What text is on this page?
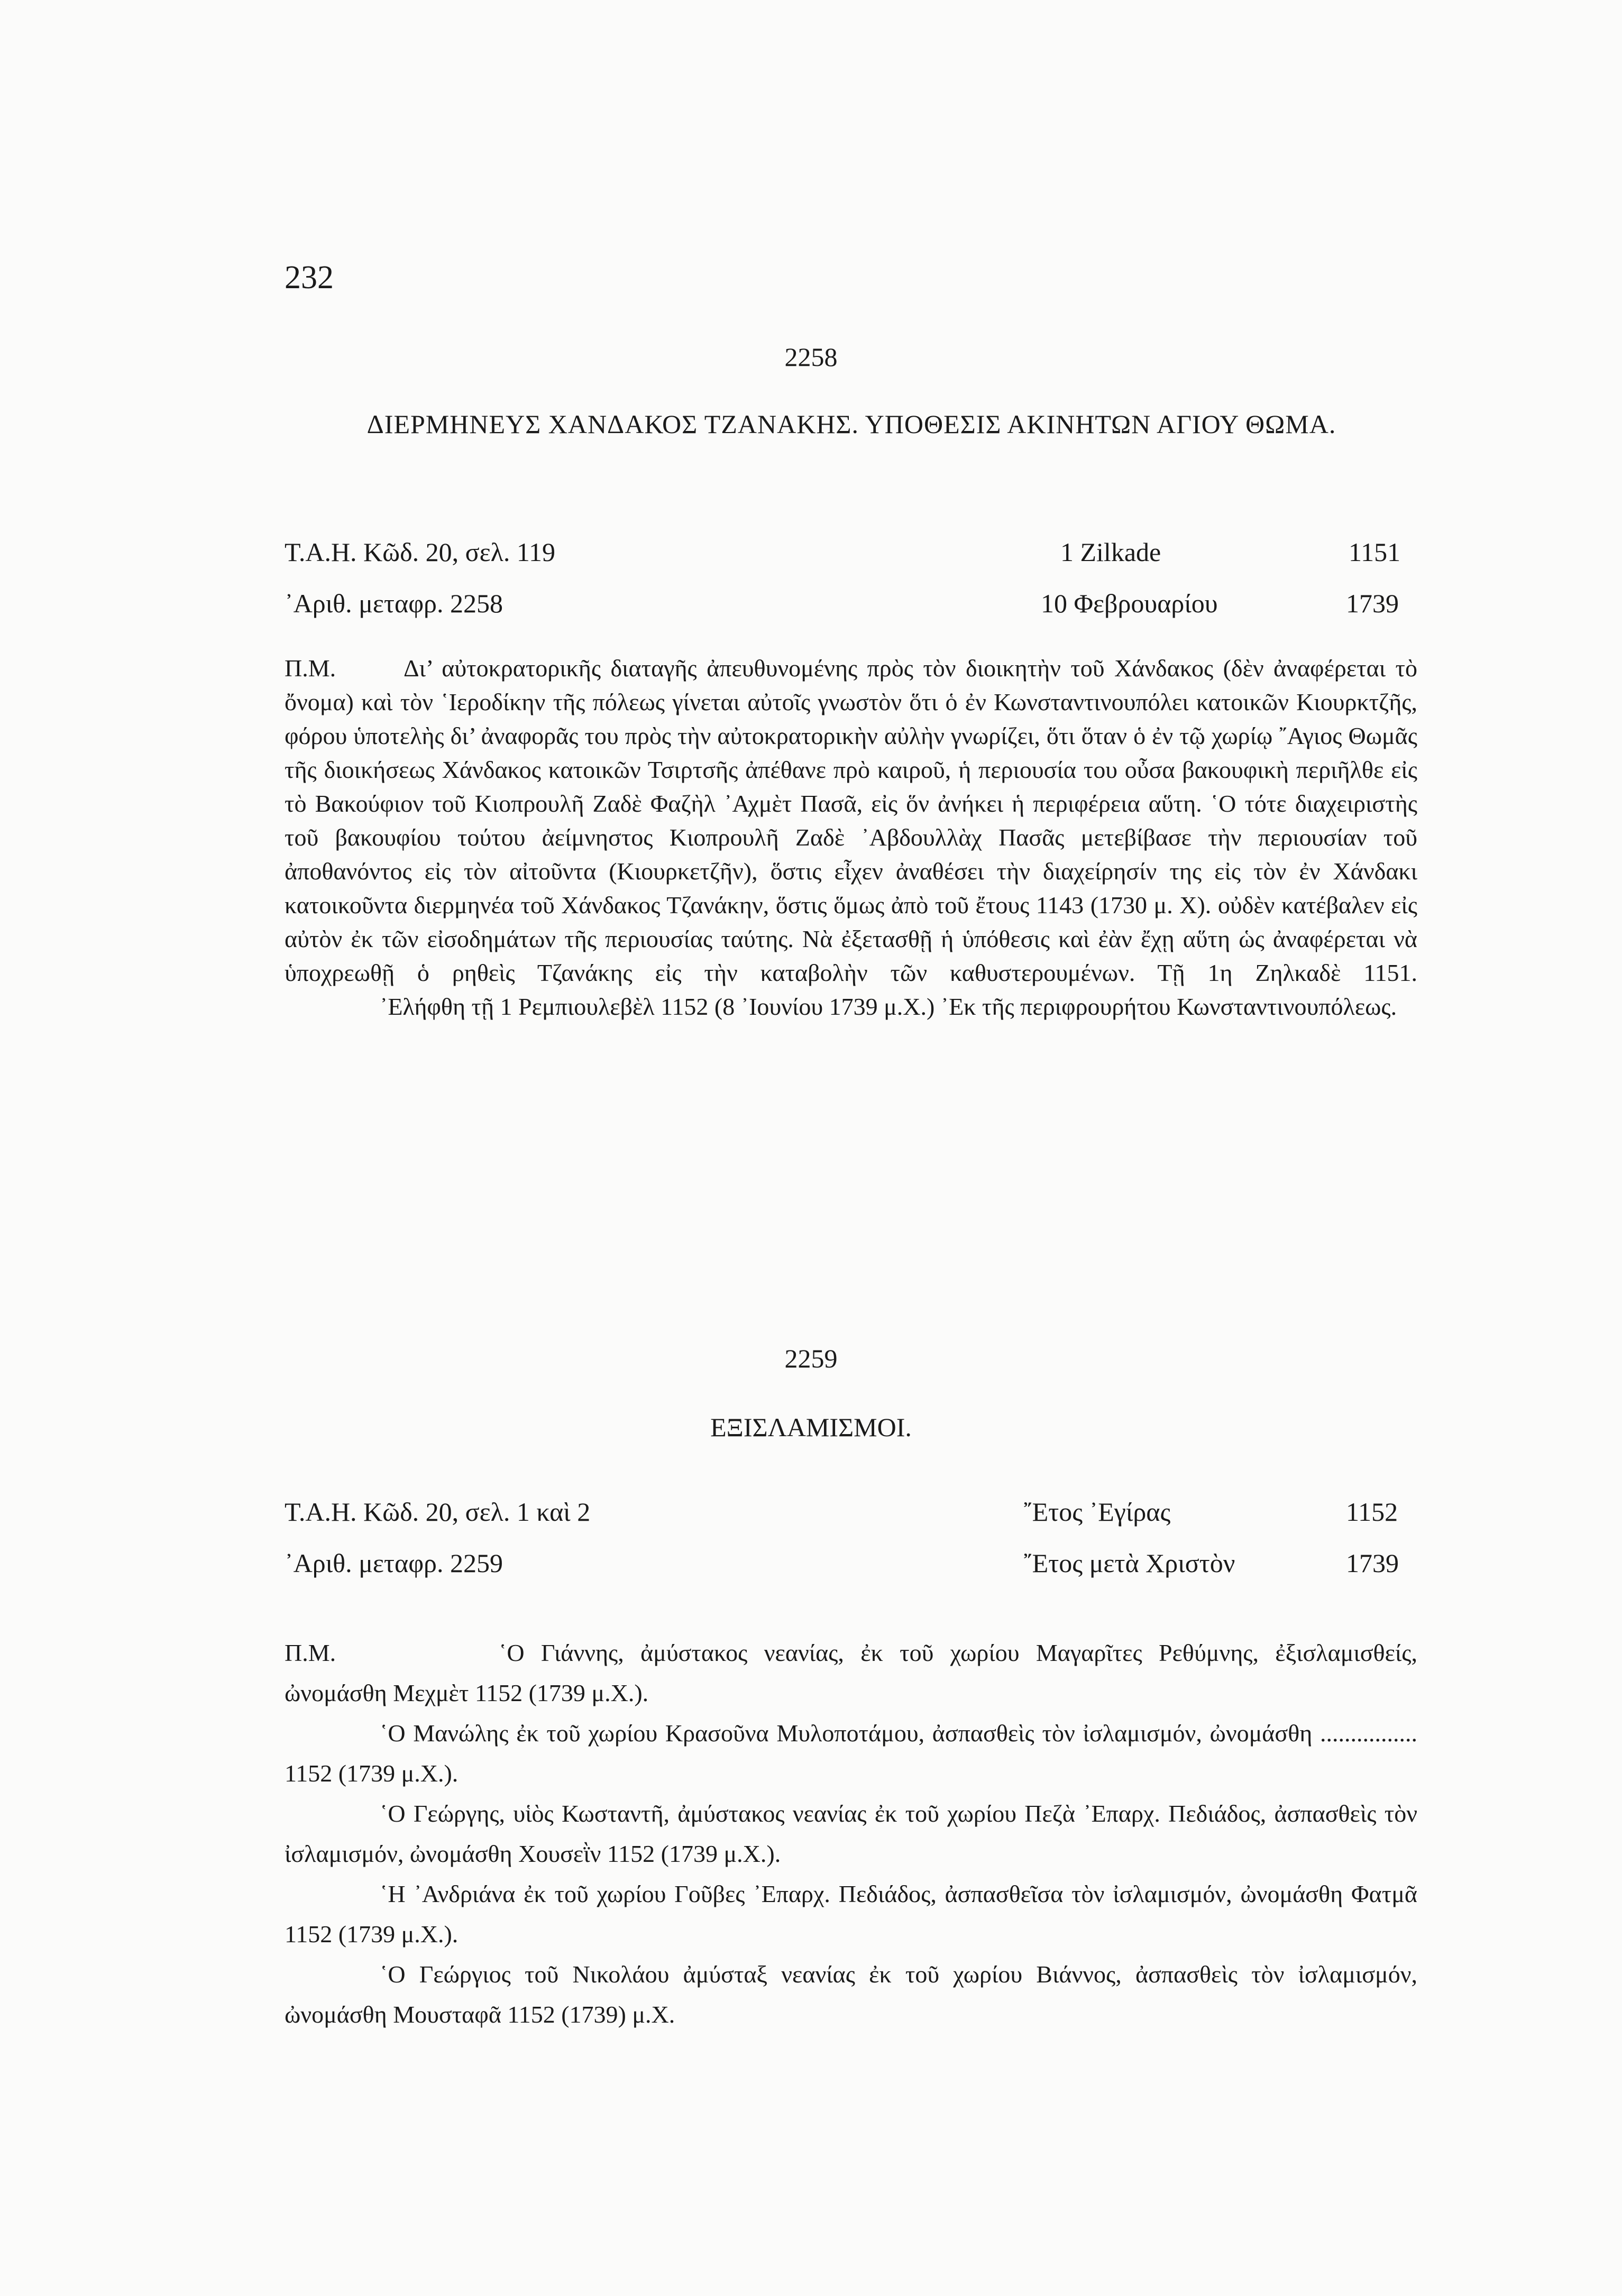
232
2258
ΔΙΕΡΜΗΝΕΥΣ ΧΑΝΔΑΚΟΣ ΤΖΑΝΑΚΗΣ. ΥΠΟΘΕΣΙΣ ΑΚΙΝΗΤΩΝ ΑΓΙΟΥ ΘΩΜΑ.
Τ.Α.Η. Κῶδ. 20, σελ. 119
᾿Αριθ. μεταφρ. 2258
1 Zilkade
10 Φεβρουαρίου
1151
1739

Π.Μ.	Δι’ αὐτοκρατορικῆς διαταγῆς ἀπευθυνομένης πρὸς τὸν διοικητὴν τοῦ Χάνδακος (δὲν ἀναφέρεται τὸ ὄνομα) καὶ τὸν ῾Ιεροδίκην τῆς πόλεως γίνεται αὐτοῖς γνωστὸν ὅτι ὁ ἐν Κωνσταντινουπόλει κατοικῶν Κιουρκτζῆς, φόρου ὑποτελὴς δι’ ἀναφορᾶς του πρὸς τὴν αὐτοκρατορικὴν αὐλὴν γνωρίζει, ὅτι ὅταν ὁ ἐν τῷ χωρίῳ ῎Αγιος Θωμᾶς τῆς διοικήσεως Χάνδακος κατοικῶν Τσιρτσῆς ἀπέθανε πρὸ καιροῦ, ἡ περιουσία του οὖσα βακουφικὴ περιῆλθε εἰς τὸ Βακούφιον τοῦ Κιοπρουλῆ Ζαδὲ Φαζὴλ ᾿Αχμὲτ Πασᾶ, εἰς ὅν ἀνήκει ἡ περιφέρεια αὕτη. ῾Ο τότε διαχειριστὴς τοῦ βακουφίου τούτου ἀείμνηστος Κιοπρουλῆ Ζαδὲ ᾿Αβδουλλὰχ Πασᾶς μετεβίβασε τὴν περιουσίαν τοῦ ἀποθανόντος εἰς τὸν αἰτοῦντα (Κιουρκετζῆν), ὅστις εἶχεν ἀναθέσει τὴν διαχείρησίν της εἰς τὸν ἐν Χάνδακι κατοικοῦντα διερμηνέα τοῦ Χάνδακος Τζανάκην, ὅστις ὅμως ἀπὸ τοῦ ἔτους 1143 (1730 μ. Χ). οὐδὲν κατέβαλεν εἰς αὐτὸν ἐκ τῶν εἰσοδημάτων τῆς περιουσίας ταύτης. Νὰ ἐξετασθῇ ἡ ὑπόθεσις καὶ ἐὰν ἔχῃ αὕτη ὡς ἀναφέρεται νὰ ὑποχρεωθῇ ὁ ρηθεὶς Τζανάκης εἰς τὴν καταβολὴν τῶν καθυστερουμένων. Τῇ 1η Ζηλκαδὲ 1151.

᾿Ελήφθη τῇ 1 Ρεμπιουλεβὲλ 1152 (8 ᾿Ιουνίου 1739 μ.Χ.) ᾿Εκ τῆς περιφρουρήτου Κωνσταντινουπόλεως.

2259
ΕΞΙΣΛΑΜΙΣΜΟΙ.
Τ.Α.Η. Κῶδ. 20, σελ. 1 καὶ 2
᾿Αριθ. μεταφρ. 2259
῎Ετος ᾿Εγίρας
῎Ετος μετὰ Χριστὸν
1152
1739

Π.Μ.	῾Ο Γιάννης, ἀμύστακος νεανίας, ἐκ τοῦ χωρίου Μαγαρῖτες Ρεθύμνης, ἐξισλαμισθείς, ὠνομάσθη Μεχμὲτ 1152 (1739 μ.Χ.).

῾Ο Μανώλης ἐκ τοῦ χωρίου Κρασοῦνα Μυλοποτάμου, ἀσπασθεὶς τὸν ἰσλαμισμόν, ὠνομάσθη ................ 1152 (1739 μ.Χ.).

῾Ο Γεώργης, υἱὸς Κωσταντῆ, ἀμύστακος νεανίας ἐκ τοῦ χωρίου Πεζὰ ᾿Επαρχ. Πεδιάδος, ἀσπασθεὶς τὸν ἰσλαμισμόν, ὠνομάσθη Χουσεῒν 1152 (1739 μ.Χ.).

῾Η ᾿Ανδριάνα ἐκ τοῦ χωρίου Γοῦβες ᾿Επαρχ. Πεδιάδος, ἀσπασθεῖσα τὸν ἰσλαμισμόν, ὠνομάσθη Φατμᾶ 1152 (1739 μ.Χ.).

῾Ο Γεώργιος τοῦ Νικολάου ἀμύσταξ νεανίας ἐκ τοῦ χωρίου Βιάννος, ἀσπασθεὶς τὸν ἰσλαμισμόν, ὠνομάσθη Μουσταφᾶ 1152 (1739) μ.Χ.
